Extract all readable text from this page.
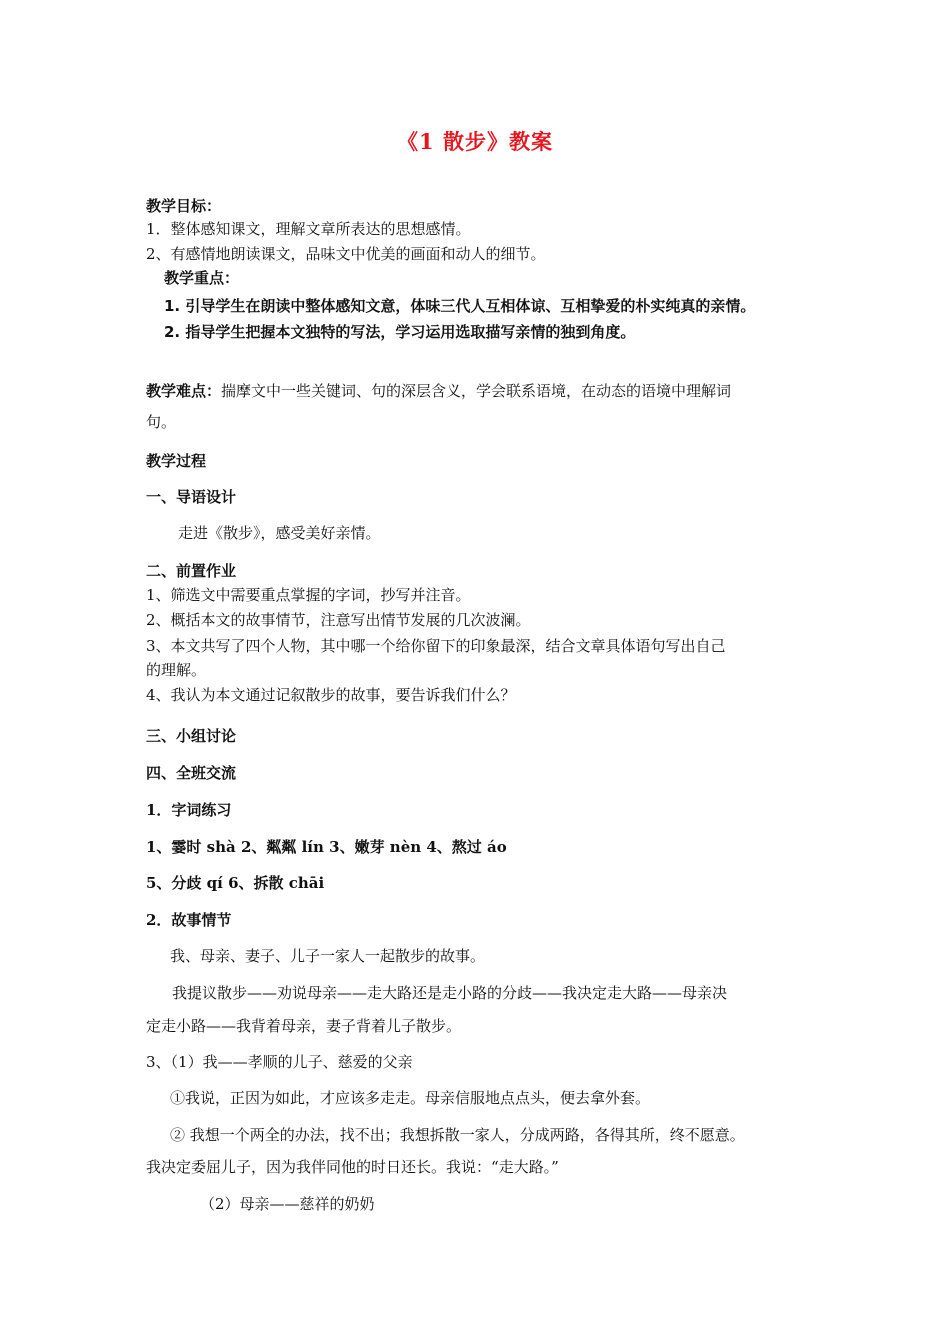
《1 散步》教案
教学目标：
1．整体感知课文，理解文章所表达的思想感情。
2、有感情地朗读课文，品味文中优美的画面和动人的细节。
教学重点：
1. 引导学生在朗读中整体感知文意，体味三代人互相体谅、互相挚爱的朴实纯真的亲情。
2. 指导学生把握本文独特的写法，学习运用选取描写亲情的独到角度。
教学难点：揣摩文中一些关键词、句的深层含义，学会联系语境，在动态的语境中理解词
句。
教学过程
一、导语设计
走进《散步》，感受美好亲情。
二、前置作业
1、筛选文中需要重点掌握的字词，抄写并注音。
2、概括本文的故事情节，注意写出情节发展的几次波澜。
3、本文共写了四个人物，其中哪一个给你留下的印象最深，结合文章具体语句写出自己
的理解。
4、我认为本文通过记叙散步的故事，要告诉我们什么？
三、小组讨论
四、全班交流
1．字词练习
1、霎时 shà 2、粼粼 lín 3、嫩芽 nèn 4、熬过 áo
5、分歧 qí 6、拆散 chāi
2．故事情节
我、母亲、妻子、儿子一家人一起散步的故事。
我提议散步——劝说母亲——走大路还是走小路的分歧——我决定走大路——母亲决
定走小路——我背着母亲，妻子背着儿子散步。
3、（1）我——孝顺的儿子、慈爱的父亲
①我说，正因为如此，才应该多走走。母亲信服地点点头，便去拿外套。
② 我想一个两全的办法，找不出；我想拆散一家人，分成两路，各得其所，终不愿意。
我决定委屈儿子，因为我伴同他的时日还长。我说：“走大路。”
（2）母亲——慈祥的奶奶
